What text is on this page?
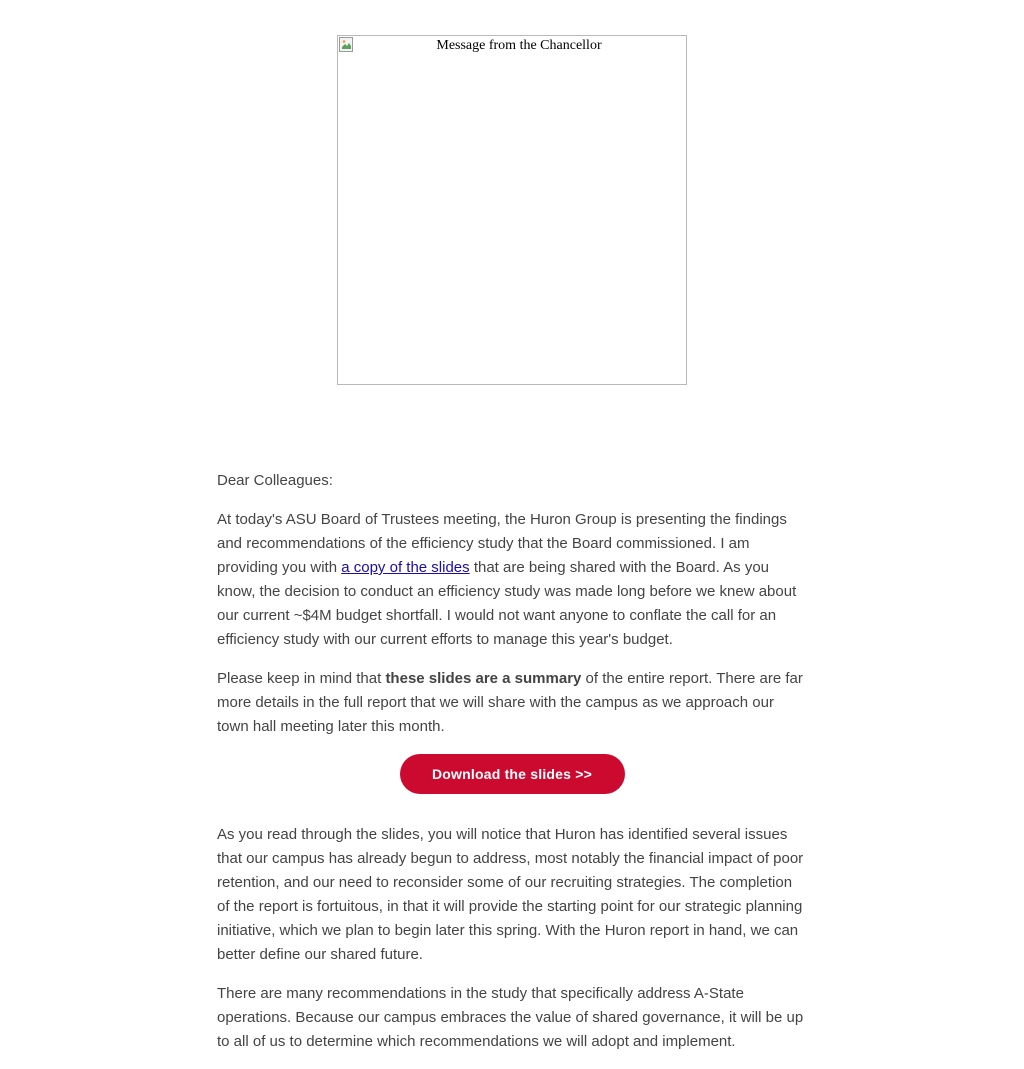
Message from the Chancellor

Dear Colleagues:

At today's ASU Board of Trustees meeting, the Huron Group is presenting the findings and recommendations of the efficiency study that the Board commissioned. I am providing you with a copy of the slides that are being shared with the Board. As you know, the decision to conduct an efficiency study was made long before we knew about our current ~$4M budget shortfall. I would not want anyone to conflate the call for an efficiency study with our current efforts to manage this year's budget.

Please keep in mind that these slides are a summary of the entire report. There are far more details in the full report that we will share with the campus as we approach our town hall meeting later this month.

Download the slides >>

As you read through the slides, you will notice that Huron has identified several issues that our campus has already begun to address, most notably the financial impact of poor retention, and our need to reconsider some of our recruiting strategies. The completion of the report is fortuitous, in that it will provide the starting point for our strategic planning initiative, which we plan to begin later this spring. With the Huron report in hand, we can better define our shared future.

There are many recommendations in the study that specifically address A-State operations. Because our campus embraces the value of shared governance, it will be up to all of us to determine which recommendations we will adopt and implement.
